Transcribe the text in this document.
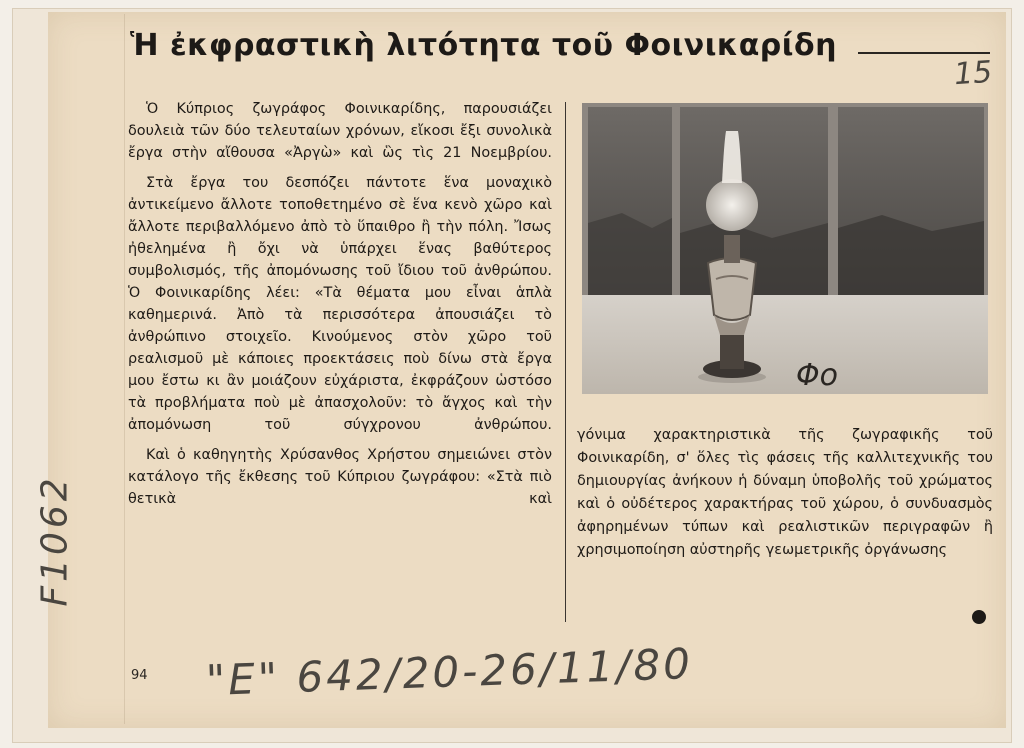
Ἡ ἐκφραστικὴ λιτότητα τοῦ Φοινικαρίδη
15

Ὁ Κύπριος ζωγράφος Φοινικαρίδης, παρουσιάζει δουλειὰ τῶν δύο τελευταίων χρόνων, εἴκοσι ἔξι συνολικὰ ἔργα στὴν αἴθουσα «Ἀργὼ» καὶ ὣς τὶς 21 Νοεμβρίου.

Στὰ ἔργα του δεσπόζει πάντοτε ἕνα μοναχικὸ ἀντικείμενο ἄλλοτε τοποθετημένο σὲ ἕνα κενὸ χῶρο καὶ ἄλλοτε περιβαλλόμενο ἀπὸ τὸ ὕπαιθρο ἢ τὴν πόλη. Ἴσως ἠθελημένα ἢ ὄχι νὰ ὑπάρχει ἕνας βαθύτερος συμβολισμός, τῆς ἀπομόνωσης τοῦ ἴδιου τοῦ ἀνθρώπου. Ὁ Φοινικαρίδης λέει: «Τὰ θέματα μου εἶναι ἁπλὰ καθημερινά. Ἀπὸ τὰ περισσότερα ἀπουσιάζει τὸ ἀνθρώπινο στοιχεῖο. Κινούμενος στὸν χῶρο τοῦ ρεαλισμοῦ μὲ κάποιες προεκτάσεις ποὺ δίνω στὰ ἔργα μου ἔστω κι ἂν μοιάζουν εὐχάριστα, ἐκφράζουν ὡστόσο τὰ προβλήματα ποὺ μὲ ἀπασχολοῦν: τὸ ἄγχος καὶ τὴν ἀπομόνωση τοῦ σύγχρονου ἀνθρώπου.

Καὶ ὁ καθηγητὴς Χρύσανθος Χρήστου σημειώνει στὸν κατάλογο τῆς ἔκθεσης τοῦ Κύπριου ζωγράφου: «Στὰ πιὸ θετικὰ καὶ

Φο

γόνιμα χαρακτηριστικὰ τῆς ζωγραφικῆς τοῦ Φοινικαρίδη, σ' ὅλες τὶς φάσεις τῆς καλλιτεχνικῆς του δημιουργίας ἀνήκουν ἡ δύναμη ὑποβολῆς τοῦ χρώματος καὶ ὁ οὐδέτερος χαρακτήρας τοῦ χώρου, ὁ συνδυασμὸς ἀφηρημένων τύπων καὶ ρεαλιστικῶν περιγραφῶν ἢ χρησιμοποίηση αὐστηρῆς γεωμετρικῆς ὀργάνωσης

94 "Ε" 642/20-26/11/80
F1062
